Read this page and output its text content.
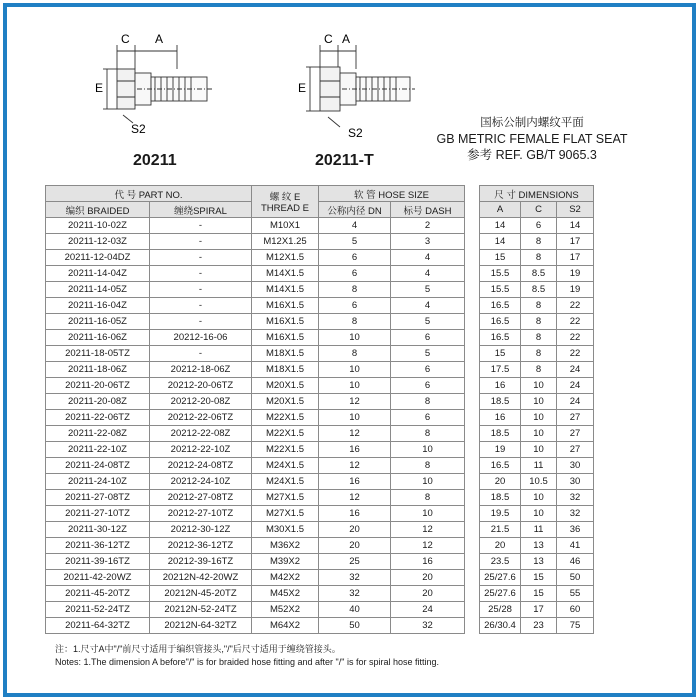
C A
E
S2
C A
E
S2
20211	20211-T
国标公制内螺纹平面
GB METRIC FEMALE FLAT SEAT
参考 REF. GB/T 9065.3
代 号 PART NO.		螺 纹 E
THREAD E	软 管 HOSE SIZE			尺 寸 DIMENSIONS		
编织 BRAIDED	缠绕SPIRAL		公称内径 DN	标号 DASH		A	C	S2
20211-10-02Z	-	M10X1	4	2		14	6	14
20211-12-03Z	-	M12X1.25	5	3		14	8	17
20211-12-04DZ	-	M12X1.5	6	4		15	8	17
20211-14-04Z	-	M14X1.5	6	4		15.5	8.5	19
20211-14-05Z	-	M14X1.5	8	5		15.5	8.5	19
20211-16-04Z	-	M16X1.5	6	4		16.5	8	22
20211-16-05Z	-	M16X1.5	8	5		16.5	8	22
20211-16-06Z	20212-16-06	M16X1.5	10	6		16.5	8	22
20211-18-05TZ	-	M18X1.5	8	5		15	8	22
20211-18-06Z	20212-18-06Z	M18X1.5	10	6		17.5	8	24
20211-20-06TZ	20212-20-06TZ	M20X1.5	10	6		16	10	24
20211-20-08Z	20212-20-08Z	M20X1.5	12	8		18.5	10	24
20211-22-06TZ	20212-22-06TZ	M22X1.5	10	6		16	10	27
20211-22-08Z	20212-22-08Z	M22X1.5	12	8		18.5	10	27
20211-22-10Z	20212-22-10Z	M22X1.5	16	10		19	10	27
20211-24-08TZ	20212-24-08TZ	M24X1.5	12	8		16.5	11	30
20211-24-10Z	20212-24-10Z	M24X1.5	16	10		20	10.5	30
20211-27-08TZ	20212-27-08TZ	M27X1.5	12	8		18.5	10	32
20211-27-10TZ	20212-27-10TZ	M27X1.5	16	10		19.5	10	32
20211-30-12Z	20212-30-12Z	M30X1.5	20	12		21.5	11	36
20211-36-12TZ	20212-36-12TZ	M36X2	20	12		20	13	41
20211-39-16TZ	20212-39-16TZ	M39X2	25	16		23.5	13	46
20211-42-20WZ	20212N-42-20WZ	M42X2	32	20		25/27.6	15	50
20211-45-20TZ	20212N-45-20TZ	M45X2	32	20		25/27.6	15	55
20211-52-24TZ	20212N-52-24TZ	M52X2	40	24		25/28	17	60
20211-64-32TZ	20212N-64-32TZ	M64X2	50	32		26/30.4	23	75
注：1.尺寸A中"/"前尺寸适用于编织管接头,"/"后尺寸适用于缠绕管接头。
Notes: 1.The dimension A before"/" is for braided hose fitting and after "/" is for spiral hose fitting.
